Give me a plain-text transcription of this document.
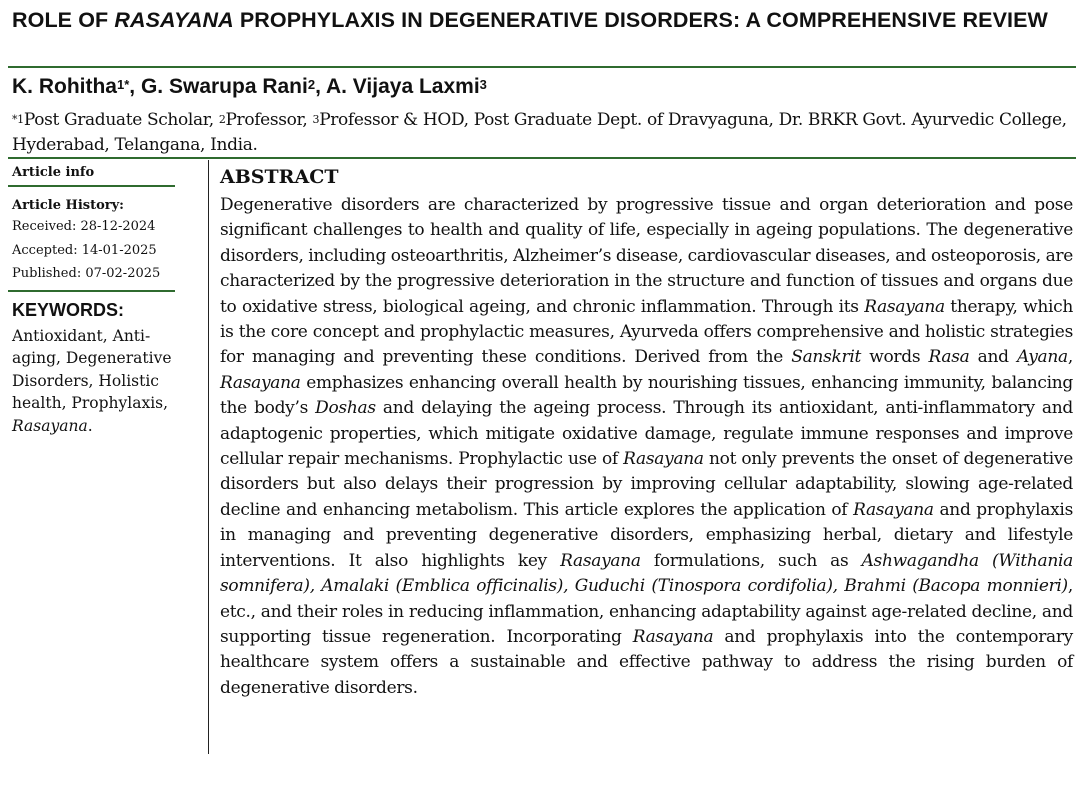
ROLE OF RASAYANA PROPHYLAXIS IN DEGENERATIVE DISORDERS: A COMPREHENSIVE REVIEW
K. Rohitha$^{1*}$, G. Swarupa Rani$^2$, A. Vijaya Laxmi$^3$
$^{*1}$Post Graduate Scholar, $^2$Professor, $^3$Professor & HOD, Post Graduate Dept. of Dravyaguna, Dr. BRKR Govt. Ayurvedic College, Hyderabad, Telangana, India.
Article info
Article History:
Received: 28-12-2024
Accepted: 14-01-2025
Published: 07-02-2025
KEYWORDS:
Antioxidant, Anti-aging, Degenerative Disorders, Holistic health, Prophylaxis, Rasayana.
ABSTRACT

Degenerative disorders are characterized by progressive tissue and organ deterioration and pose significant challenges to health and quality of life, especially in ageing populations. The degenerative disorders, including osteoarthritis, Alzheimer’s disease, cardiovascular diseases, and osteoporosis, are characterized by the progressive deterioration in the structure and function of tissues and organs due to oxidative stress, biological ageing, and chronic inflammation. Through its Rasayana therapy, which is the core concept and prophylactic measures, Ayurveda offers comprehensive and holistic strategies for managing and preventing these conditions. Derived from the Sanskrit words Rasa and Ayana, Rasayana emphasizes enhancing overall health by nourishing tissues, enhancing immunity, balancing the body’s Doshas and delaying the ageing process. Through its antioxidant, anti-inflammatory and adaptogenic properties, which mitigate oxidative damage, regulate immune responses and improve cellular repair mechanisms. Prophylactic use of Rasayana not only prevents the onset of degenerative disorders but also delays their progression by improving cellular adaptability, slowing age-related decline and enhancing metabolism. This article explores the application of Rasayana and prophylaxis in managing and preventing degenerative disorders, emphasizing herbal, dietary and lifestyle interventions. It also highlights key Rasayana formulations, such as Ashwagandha (Withania somnifera), Amalaki (Emblica officinalis), Guduchi (Tinospora cordifolia), Brahmi (Bacopa monnieri), etc., and their roles in reducing inflammation, enhancing adaptability against age-related decline, and supporting tissue regeneration. Incorporating Rasayana and prophylaxis into the contemporary healthcare system offers a sustainable and effective pathway to address the rising burden of degenerative disorders.
